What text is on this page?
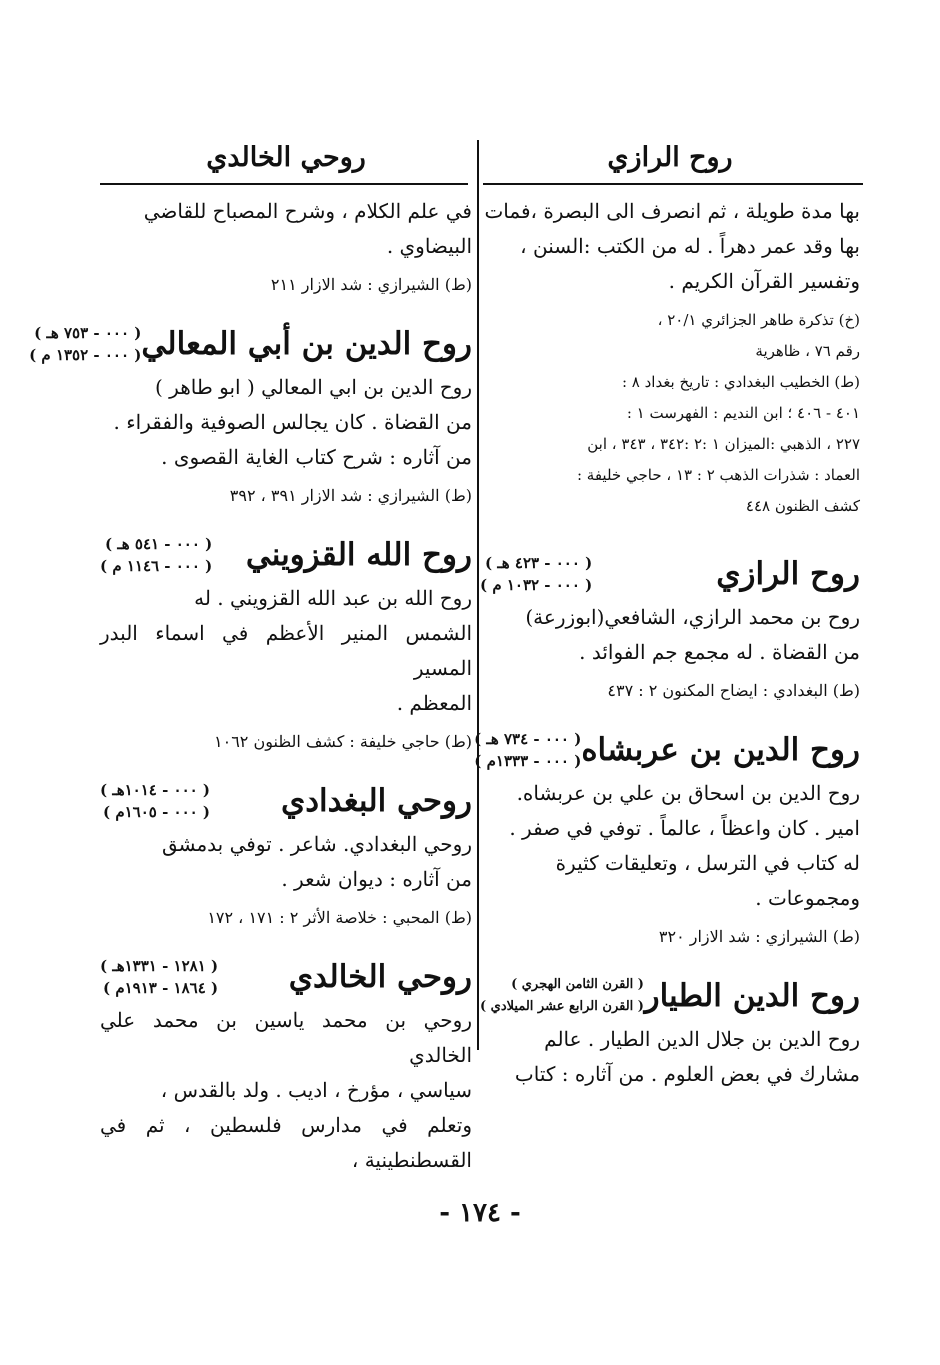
روح الرازي

بها مدة طويلة ، ثم انصرف الى البصرة ،فمات

بها وقد عمر دهراً . له من الكتب :السنن ،

وتفسير القرآن الكريم .

(خ) تذكرة طاهر الجزائري ٢٠/١ ،

رقم ٧٦ ، ظاهرية

(ط) الخطيب البغدادي : تاريخ بغداد ٨ :

٤٠١ - ٤٠٦ ؛ ابن النديم : الفهرست ١ :

٢٢٧ ، الذهبي :الميزان ١ :٢ :٣٤٢ ، ٣٤٣ ، ابن

العماد : شذرات الذهب ٢ : ١٣ ، حاجي خليفة :

كشف الظنون ٤٤٨

روح الرازي
( ٠٠٠ - ٤٢٣ هـ )
( ٠٠٠ - ١٠٣٢ م )

روح بن محمد الرازي، الشافعي(ابوزرعة)

من القضاة . له مجمع جم الفوائد .

(ط) البغدادي : ايضاح المكنون ٢ : ٤٣٧

روح الدين بن عربشاه
( ٠٠٠ - ٧٣٤ هـ )
( ٠٠٠ - ١٣٣٣م )

روح الدين بن اسحاق بن علي بن عربشاه.

امير . كان واعظاً ، عالماً . توفي في صفر .

له كتاب في الترسل ، وتعليقات كثيرة

ومجموعات .

(ط) الشيرازي : شد الازار ٣٢٠

روح الدين الطيار
( القرن الثامن الهجري )
( القرن الرابع عشر الميلادي )

روح الدين بن جلال الدين الطيار . عالم

مشارك في بعض العلوم . من آثاره : كتاب

روحي الخالدي

في علم الكلام ، وشرح المصباح للقاضي

البيضاوي .

(ط) الشيرازي : شد الازار ٢١١

روح الدين بن أبي المعالي
( ٠٠٠ - ٧٥٣ هـ )
( ٠٠٠ - ١٣٥٢ م )

روح الدين بن ابي المعالي ( ابو طاهر )

من القضاة . كان يجالس الصوفية والفقراء .

من آثاره : شرح كتاب الغاية القصوى .

(ط) الشيرازي : شد الازار ٣٩١ ، ٣٩٢

روح الله القزويني
( ٠٠٠ - ٥٤١ هـ )
( ٠٠٠ - ١١٤٦ م )

روح الله بن عبد الله القزويني . له

الشمس المنير الأعظم في اسماء البدر المسير

المعظم .

(ط) حاجي خليفة : كشف الظنون ١٠٦٢

روحي البغدادي
( ٠٠٠ - ١٠١٤هـ )
( ٠٠٠ - ١٦٠٥م )

روحي البغدادي. شاعر . توفي بدمشق

من آثاره : ديوان شعر .

(ط) المحبي : خلاصة الأثر ٢ : ١٧١ ، ١٧٢

روحي الخالدي
( ١٢٨١ - ١٣٣١هـ )
( ١٨٦٤ - ١٩١٣م )

روحي بن محمد ياسين بن محمد علي الخالدي

سياسي ، مؤرخ ، اديب . ولد بالقدس ،

وتعلم في مدارس فلسطين ، ثم في القسطنطينية ،

- ١٧٤ -
